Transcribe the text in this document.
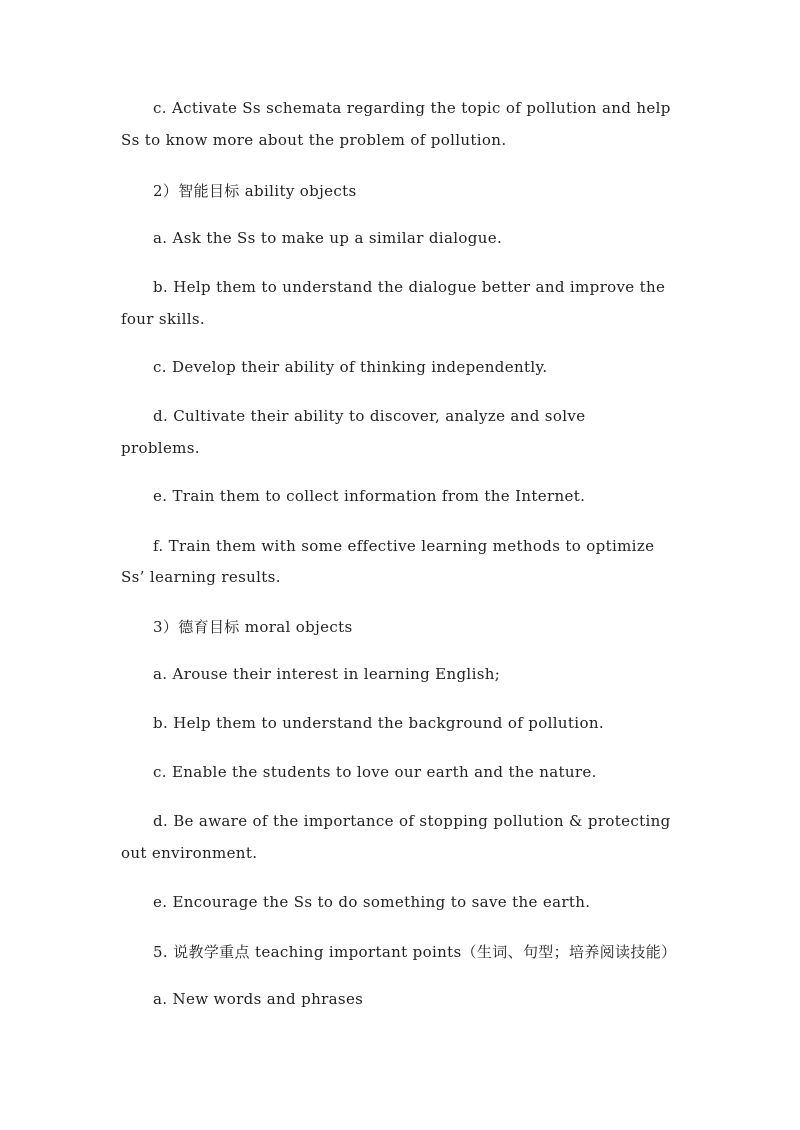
c. Activate Ss schemata regarding the topic of pollution and help
Ss to know more about the problem of pollution.
2）智能目标 ability objects
a. Ask the Ss to make up a similar dialogue.
b. Help them to understand the dialogue better and improve the
four skills.
c. Develop their ability of thinking independently.
d. Cultivate their ability to discover, analyze and solve
problems.
e. Train them to collect information from the Internet.
f. Train them with some effective learning methods to optimize
Ss’ learning results.
3）德育目标 moral objects
a. Arouse their interest in learning English;
b. Help them to understand the background of pollution.
c. Enable the students to love our earth and the nature.
d. Be aware of the importance of stopping pollution & protecting
out environment.
e. Encourage the Ss to do something to save the earth.
5. 说教学重点 teaching important points（生词、句型；培养阅读技能）
a. New words and phrases
